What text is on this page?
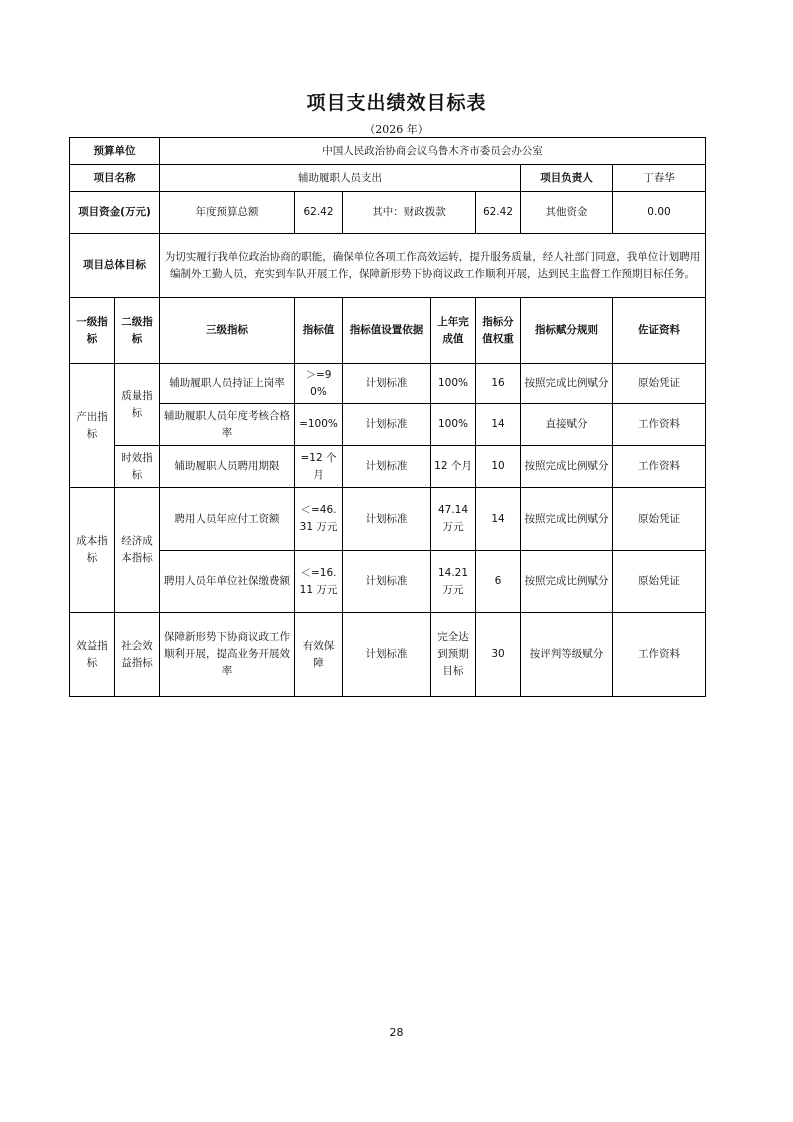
项目支出绩效目标表
（2026 年）
预算单位		中国人民政治协商会议乌鲁木齐市委员会办公室						
项目名称		辅助履职人员支出					项目负责人	丁春华
项目资金(万元)		年度预算总额	62.42	其中：财政拨款		62.42	其他资金	0.00
项目总体目标		为切实履行我单位政治协商的职能，确保单位各项工作高效运转，提升服务质量，经人社部门同意，我单位计划聘用编制外工勤人员，充实到车队开展工作，保障新形势下协商议政工作顺利开展，达到民主监督工作预期目标任务。						
一级指标	二级指标	三级指标	指标值	指标值设置依据	上年完成值	指标分值权重	指标赋分规则	佐证资料
产出指标	质量指标	辅助履职人员持证上岗率	＞=90%	计划标准	100%	16	按照完成比例赋分	原始凭证
		辅助履职人员年度考核合格率	=100%	计划标准	100%	14	直接赋分	工作资料
	时效指标	辅助履职人员聘用期限	=12 个月	计划标准	12 个月	10	按照完成比例赋分	工作资料
成本指标	经济成本指标	聘用人员年应付工资额	＜=46.31 万元	计划标准	47.14 万元	14	按照完成比例赋分	原始凭证
		聘用人员年单位社保缴费额	＜=16.11 万元	计划标准	14.21 万元	6	按照完成比例赋分	原始凭证
效益指标	社会效益指标	保障新形势下协商议政工作顺利开展，提高业务开展效率	有效保障	计划标准	完全达到预期目标	30	按评判等级赋分	工作资料
28
